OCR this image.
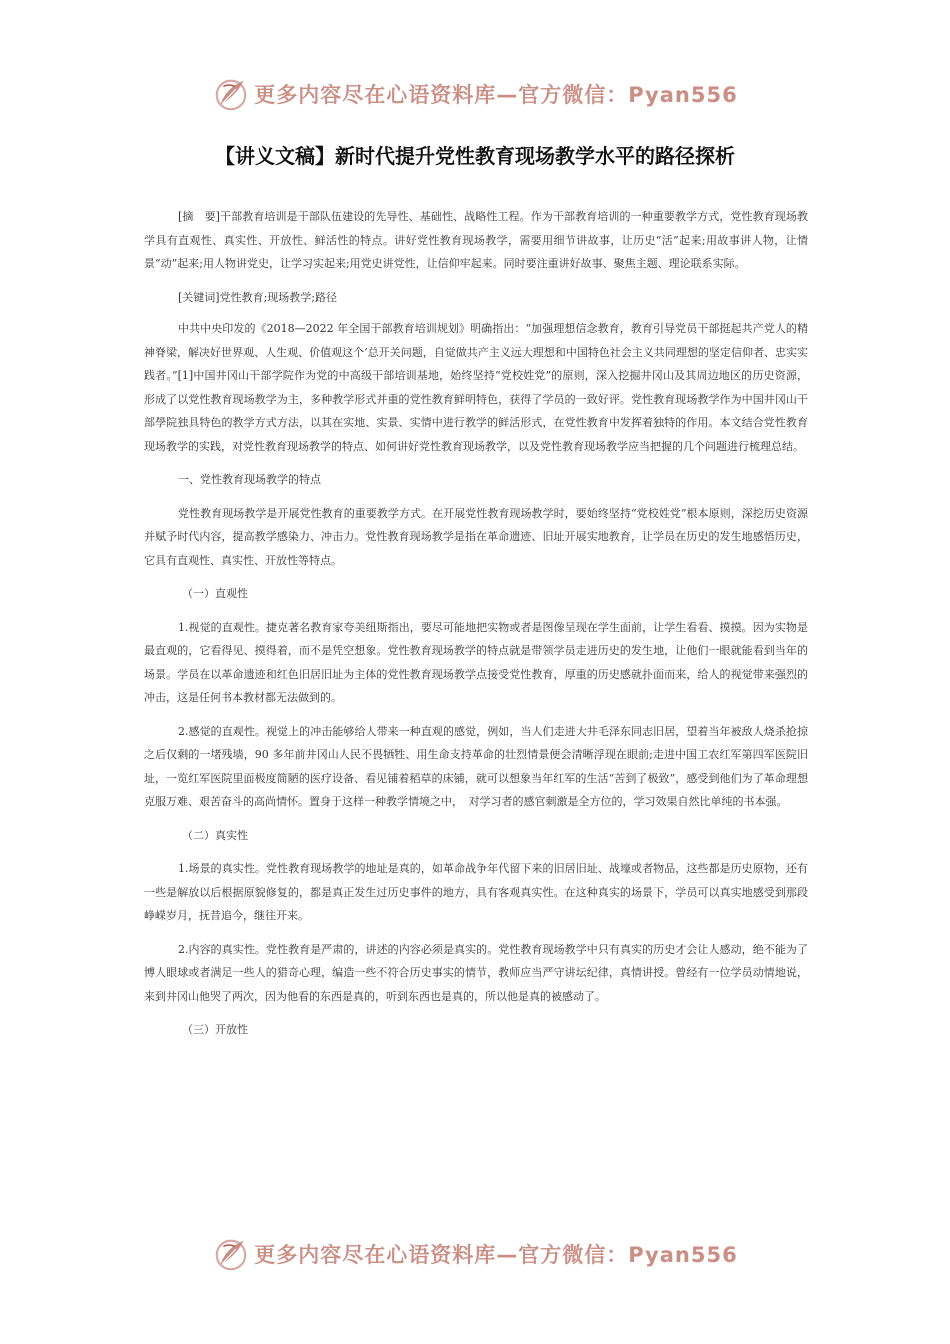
更多内容尽在心语资料库—官方微信：Pyan556
【讲义文稿】新时代提升党性教育现场教学水平的路径探析

[摘　要]干部教育培训是干部队伍建设的先导性、基础性、战略性工程。作为干部教育培训的一种重要教学方式，党性教育现场教学具有直观性、真实性、开放性、鲜活性的特点。讲好党性教育现场教学，需要用细节讲故事，让历史“活”起来;用故事讲人物，让情景“动”起来;用人物讲党史，让学习实起来;用党史讲党性，让信仰牢起来。同时要注重讲好故事、聚焦主题、理论联系实际。

[关键词]党性教育;现场教学;路径

中共中央印发的《2018—2022 年全国干部教育培训规划》明确指出：“加强理想信念教育，教育引导党员干部挺起共产党人的精神脊梁，解决好世界观、人生观、价值观这个‘总开关问题，自觉做共产主义远大理想和中国特色社会主义共同理想的坚定信仰者、忠实实践者。”[1]中国井冈山干部学院作为党的中高级干部培训基地，始终坚持“党校姓党”的原则，深入挖掘井冈山及其周边地区的历史资源，形成了以党性教育现场教学为主，多种教学形式并重的党性教育鲜明特色，获得了学员的一致好评。党性教育现场教学作为中国井冈山干部學院独具特色的教学方式方法，以其在实地、实景、实情中进行教学的鲜活形式，在党性教育中发挥着独特的作用。本文结合党性教育现场教学的实践，对党性教育现场教学的特点、如何讲好党性教育现场教学，以及党性教育现场教学应当把握的几个问题进行梳理总结。

一、党性教育现场教学的特点

党性教育现场教学是开展党性教育的重要教学方式。在开展党性教育现场教学时，要始终坚持“党校姓党”根本原则，深挖历史资源并赋予时代内容，提高教学感染力、冲击力。党性教育现场教学是指在革命遗迹、旧址开展实地教育，让学员在历史的发生地感悟历史，它具有直观性、真实性、开放性等特点。

（一）直观性

1.视觉的直观性。捷克著名教育家夸美纽斯指出，要尽可能地把实物或者是图像呈现在学生面前，让学生看看、摸摸。因为实物是最直观的，它看得见、摸得着，而不是凭空想象。党性教育现场教学的特点就是带领学员走进历史的发生地，让他们一眼就能看到当年的场景。学员在以革命遗迹和红色旧居旧址为主体的党性教育现场教学点接受党性教育，厚重的历史感就扑面而来，给人的视觉带来强烈的冲击，这是任何书本教材都无法做到的。

2.感觉的直观性。视觉上的冲击能够给人带来一种直观的感觉，例如，当人们走进大井毛泽东同志旧居，望着当年被敌人烧杀抢掠之后仅剩的一堵残墙，90 多年前井冈山人民不畏牺牲、用生命支持革命的壮烈情景便会清晰浮现在眼前;走进中国工农红军第四军医院旧址，一览红军医院里面极度简陋的医疗设备、看见铺着稻草的床铺，就可以想象当年红军的生活“苦到了极致”，感受到他们为了革命理想克服万难、艰苦奋斗的高尚情怀。置身于这样一种教学情境之中，　对学习者的感官刺激是全方位的，学习效果自然比单纯的书本强。

（二）真实性

1.场景的真实性。党性教育现场教学的地址是真的，如革命战争年代留下来的旧居旧址、战壕或者物品，这些都是历史原物，还有一些是解放以后根据原貌修复的，都是真正发生过历史事件的地方，具有客观真实性。在这种真实的场景下，学员可以真实地感受到那段峥嵘岁月，抚昔追今，继往开来。

2.内容的真实性。党性教育是严肃的，讲述的内容必须是真实的。党性教育现场教学中只有真实的历史才会让人感动，绝不能为了博人眼球或者满足一些人的猎奇心理，编造一些不符合历史事实的情节，教师应当严守讲坛纪律，真情讲授。曾经有一位学员动情地说，来到井冈山他哭了两次，因为他看的东西是真的，听到东西也是真的，所以他是真的被感动了。

（三）开放性

更多内容尽在心语资料库—官方微信：Pyan556
